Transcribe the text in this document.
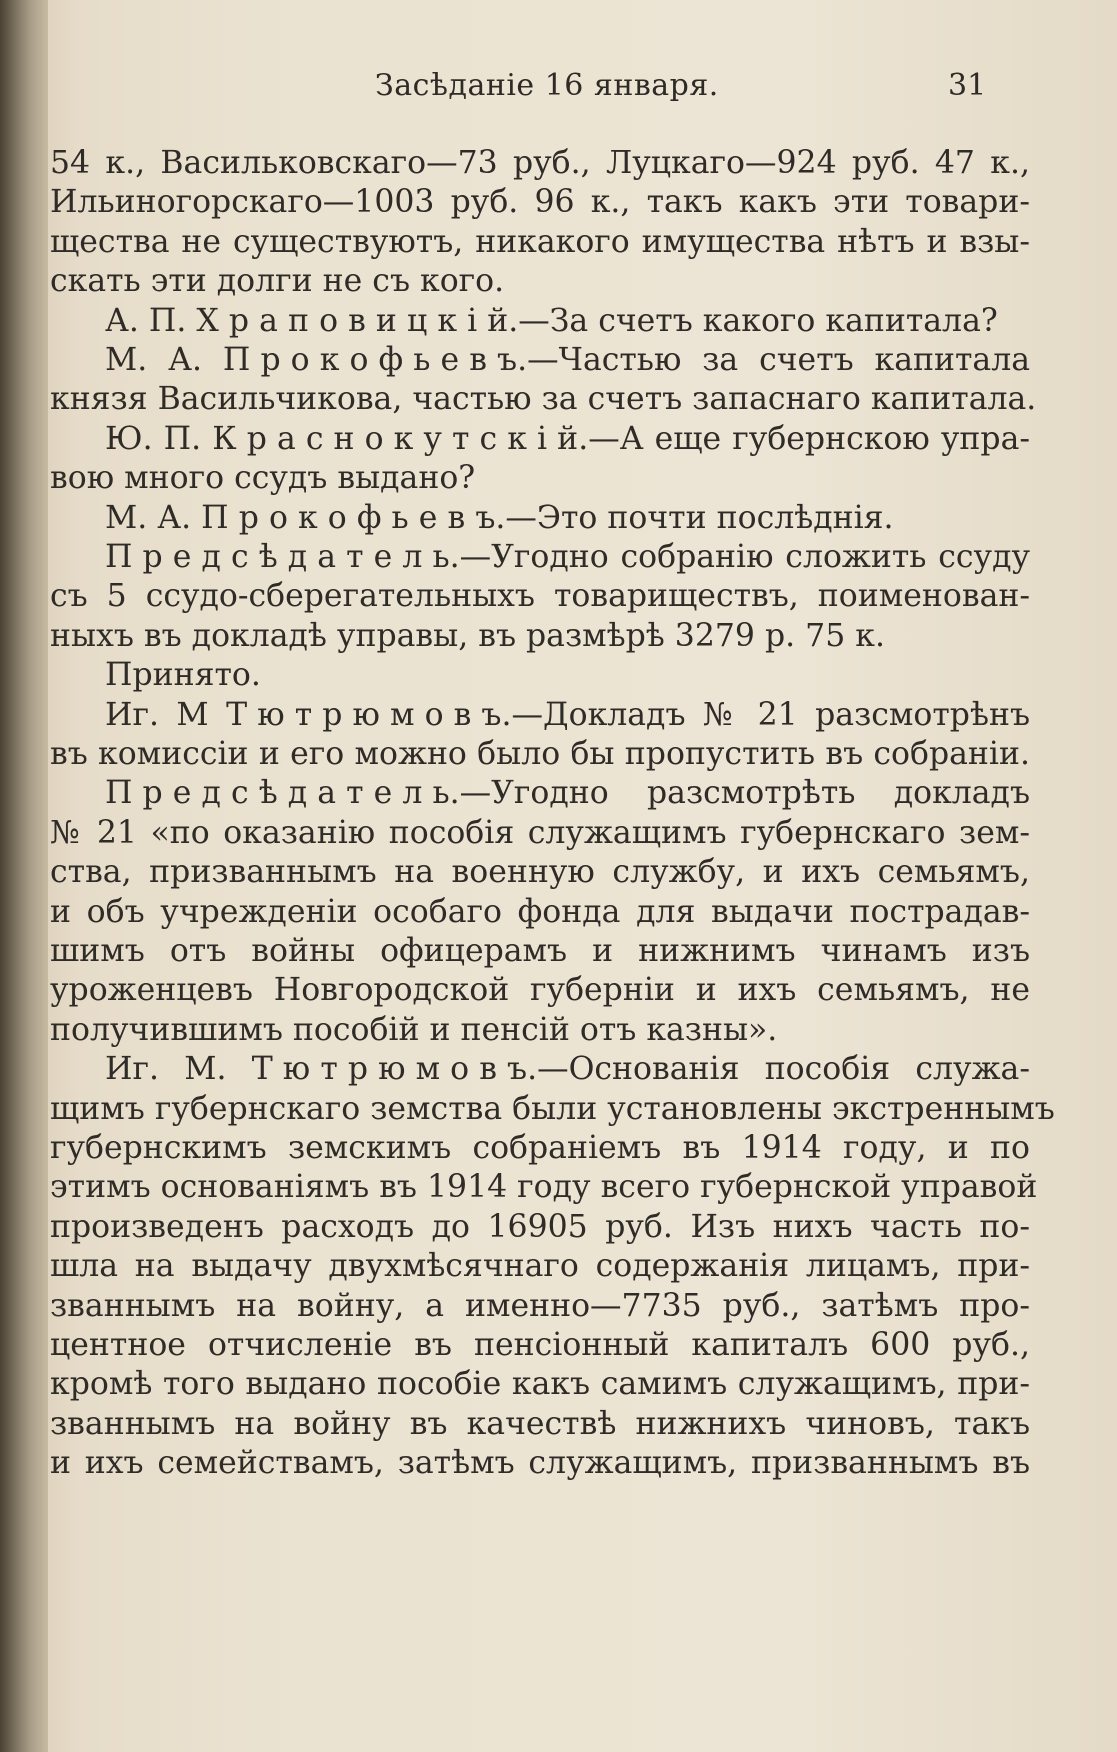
Засѣданіе 16 января.	31
54 к., Васильковскаго—73 руб., Луцкаго—924 руб. 47 к.,
Ильиногорскаго—1003 руб. 96 к., такъ какъ эти товари-
щества не существуютъ, никакого имущества нѣтъ и взы-
скать эти долги не съ кого.
А. П. Храповицкій.—За счетъ какого капитала?
М. А. Прокофьевъ.—Частью за счетъ капитала
князя Васильчикова, частью за счетъ запаснаго капитала.
Ю. П. Краснокутскій.—А еще губернскою упра-
вою много ссудъ выдано?
М. А. Прокофьевъ.—Это почти послѣднія.
Предсѣдатель.—Угодно собранію сложить ссуду
съ 5 ссудо-сберегательныхъ товариществъ, поименован-
ныхъ въ докладѣ управы, въ размѣрѣ 3279 р. 75 к.
Принято.
Иг. М Тютрюмовъ.—Докладъ № 21 разсмотрѣнъ
въ комиссіи и его можно было бы пропустить въ собраніи.
Предсѣдатель.—Угодно разсмотрѣть докладъ
№ 21 «по оказанію пособія служащимъ губернскаго зем-
ства, призваннымъ на военную службу, и ихъ семьямъ,
и объ учрежденіи особаго фонда для выдачи пострадав-
шимъ отъ войны офицерамъ и нижнимъ чинамъ изъ
уроженцевъ Новгородской губерніи и ихъ семьямъ, не
получившимъ пособій и пенсій отъ казны».
Иг. М. Тютрюмовъ.—Основанія пособія служа-
щимъ губернскаго земства были установлены экстреннымъ
губернскимъ земскимъ собраніемъ въ 1914 году, и по
этимъ основаніямъ въ 1914 году всего губернской управой
произведенъ расходъ до 16905 руб. Изъ нихъ часть по-
шла на выдачу двухмѣсячнаго содержанія лицамъ, при-
званнымъ на войну, а именно—7735 руб., затѣмъ про-
центное отчисленіе въ пенсіонный капиталъ 600 руб.,
кромѣ того выдано пособіе какъ самимъ служащимъ, при-
званнымъ на войну въ качествѣ нижнихъ чиновъ, такъ
и ихъ семействамъ, затѣмъ служащимъ, призваннымъ въ
